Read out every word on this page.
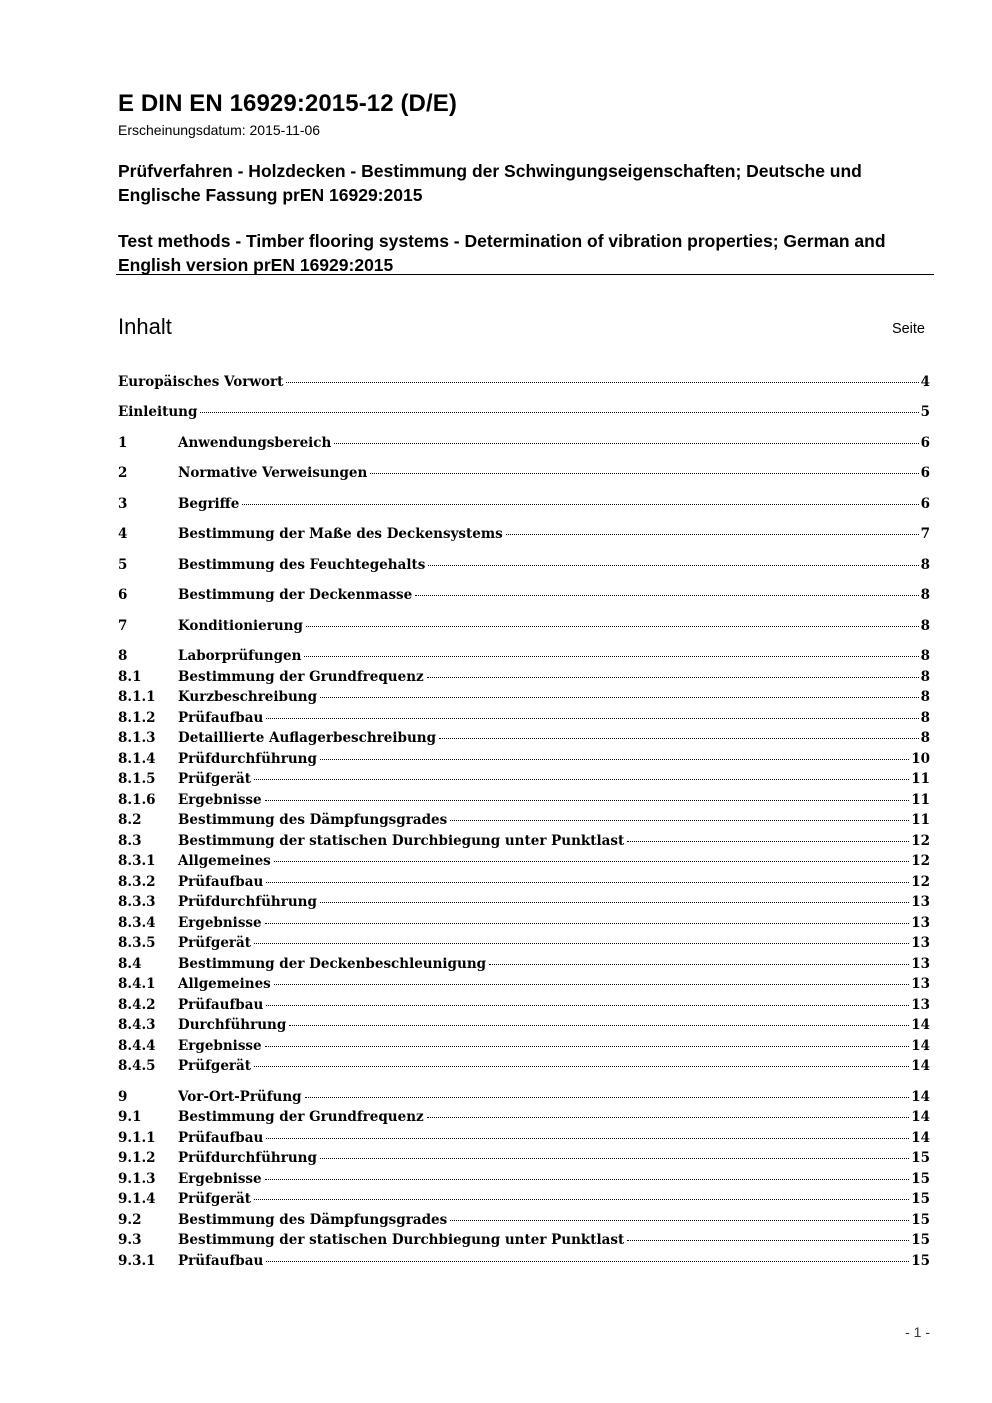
E DIN EN 16929:2015-12 (D/E)
Erscheinungsdatum: 2015-11-06
Prüfverfahren - Holzdecken - Bestimmung der Schwingungseigenschaften; Deutsche und Englische Fassung prEN 16929:2015
Test methods - Timber flooring systems - Determination of vibration properties; German and English version prEN 16929:2015
Inhalt	Seite
Europäisches Vorwort	4
Einleitung	5
1	Anwendungsbereich	6
2	Normative Verweisungen	6
3	Begriffe	6
4	Bestimmung der Maße des Deckensystems	7
5	Bestimmung des Feuchtegehalts	8
6	Bestimmung der Deckenmasse	8
7	Konditionierung	8
8	Laborprüfungen	8
8.1	Bestimmung der Grundfrequenz	8
8.1.1	Kurzbeschreibung	8
8.1.2	Prüfaufbau	8
8.1.3	Detaillierte Auflagerbeschreibung	8
8.1.4	Prüfdurchführung	10
8.1.5	Prüfgerät	11
8.1.6	Ergebnisse	11
8.2	Bestimmung des Dämpfungsgrades	11
8.3	Bestimmung der statischen Durchbiegung unter Punktlast	12
8.3.1	Allgemeines	12
8.3.2	Prüfaufbau	12
8.3.3	Prüfdurchführung	13
8.3.4	Ergebnisse	13
8.3.5	Prüfgerät	13
8.4	Bestimmung der Deckenbeschleunigung	13
8.4.1	Allgemeines	13
8.4.2	Prüfaufbau	13
8.4.3	Durchführung	14
8.4.4	Ergebnisse	14
8.4.5	Prüfgerät	14
9	Vor-Ort-Prüfung	14
9.1	Bestimmung der Grundfrequenz	14
9.1.1	Prüfaufbau	14
9.1.2	Prüfdurchführung	15
9.1.3	Ergebnisse	15
9.1.4	Prüfgerät	15
9.2	Bestimmung des Dämpfungsgrades	15
9.3	Bestimmung der statischen Durchbiegung unter Punktlast	15
9.3.1	Prüfaufbau	15
- 1 -
